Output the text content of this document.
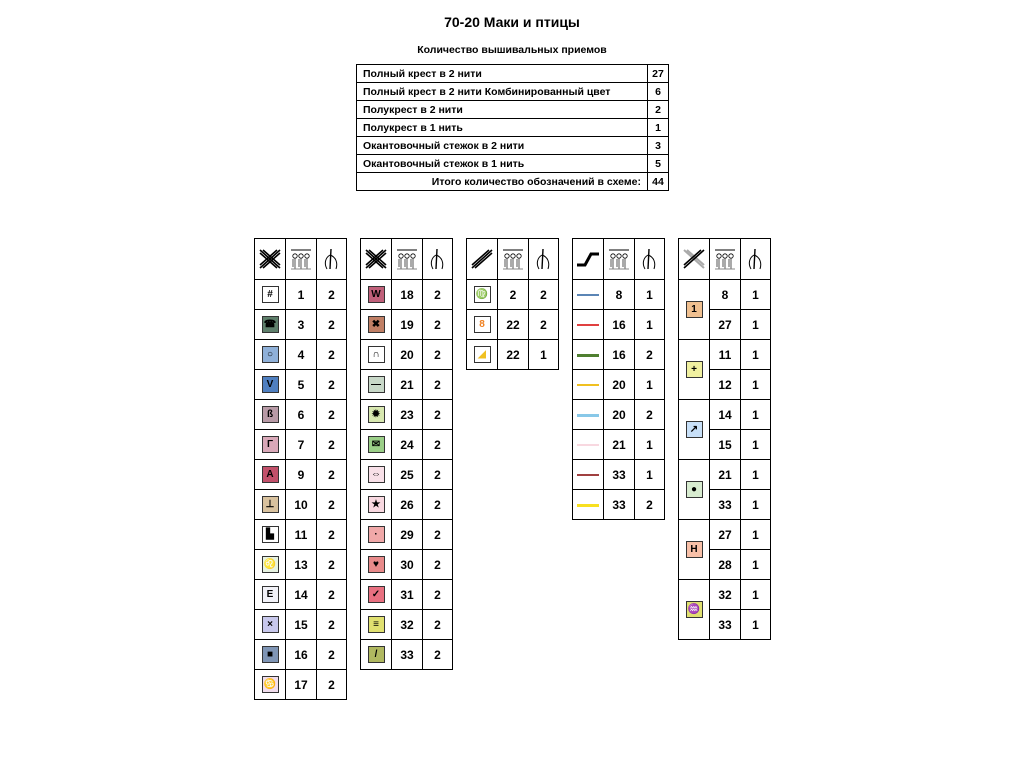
70-20 Маки и птицы
Количество вышивальных приемов
Полный крест в 2 нити	27
Полный крест в 2 нити Комбинированный цвет	6
Полукрест в 2 нити	2
Полукрест в 1 нить	1
Окантовочный стежок в 2 нити	3
Окантовочный стежок в 1 нить	5
Итого количество обозначений в схеме:	44

#	1	2
☎	3	2
○	4	2
V	5	2
ß	6	2
Γ	7	2
A	9	2
⊥	10	2
▙	11	2
♌	13	2
E	14	2
×	15	2
■	16	2
♋	17	2

W	18	2
✖	19	2
∩	20	2
—	21	2
✹	23	2
✉	24	2
⇔	25	2
★	26	2
·	29	2
♥	30	2
✓	31	2
≡	32	2
/	33	2

♍	2	2
8	22	2
◢	22	1

	8	1
	16	1
	16	2
	20	1
	20	2
	21	1
	33	1
	33	2

1	8	1
	27	1
+	11	1
	12	1
↗	14	1
	15	1
●	21	1
	33	1
H	27	1
	28	1
♒	32	1
	33	1
